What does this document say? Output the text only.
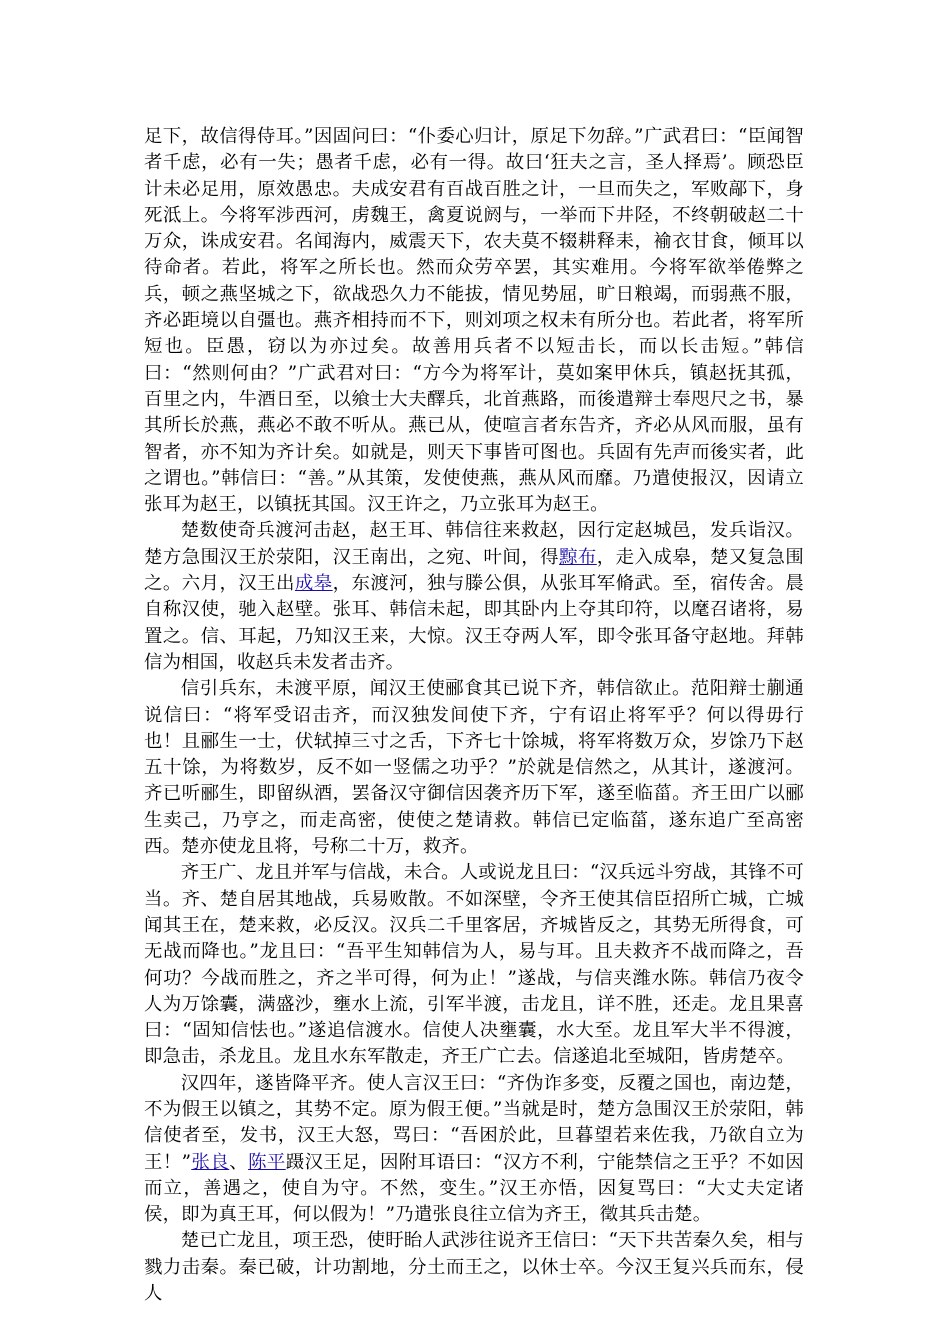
足下，故信得侍耳。”因固问曰：“仆委心归计，原足下勿辞。”广武君曰：“臣闻智者千虑，必有一失；愚者千虑，必有一得。故曰‘狂夫之言，圣人择焉’。顾恐臣计未必足用，原效愚忠。夫成安君有百战百胜之计，一旦而失之，军败鄗下，身死泜上。今将军涉西河，虏魏王，禽夏说阏与，一举而下井陉，不终朝破赵二十万众，诛成安君。名闻海内，威震天下，农夫莫不辍耕释耒，褕衣甘食，倾耳以待命者。若此，将军之所长也。然而众劳卒罢，其实难用。今将军欲举倦弊之兵，顿之燕坚城之下，欲战恐久力不能拔，情见势屈，旷日粮竭，而弱燕不服，齐必距境以自彊也。燕齐相持而不下，则刘项之权未有所分也。若此者，将军所短也。臣愚，窃以为亦过矣。故善用兵者不以短击长，而以长击短。”韩信曰：“然则何由？”广武君对曰：“方今为将军计，莫如案甲休兵，镇赵抚其孤，百里之内，牛酒日至，以飨士大夫醳兵，北首燕路，而後遣辩士奉咫尺之书，暴其所长於燕，燕必不敢不听从。燕已从，使喧言者东告齐，齐必从风而服，虽有智者，亦不知为齐计矣。如就是，则天下事皆可图也。兵固有先声而後实者，此之谓也。”韩信曰：“善。”从其策，发使使燕，燕从风而靡。乃遣使报汉，因请立张耳为赵王，以镇抚其国。汉王许之，乃立张耳为赵王。

楚数使奇兵渡河击赵，赵王耳、韩信往来救赵，因行定赵城邑，发兵诣汉。楚方急围汉王於荥阳，汉王南出，之宛、叶间，得黥布，走入成皋，楚又复急围之。六月，汉王出成皋，东渡河，独与滕公俱，从张耳军脩武。至，宿传舍。晨自称汉使，驰入赵壁。张耳、韩信未起，即其卧内上夺其印符，以麾召诸将，易置之。信、耳起，乃知汉王来，大惊。汉王夺两人军，即令张耳备守赵地。拜韩信为相国，收赵兵未发者击齐。

信引兵东，未渡平原，闻汉王使郦食其已说下齐，韩信欲止。范阳辩士蒯通说信曰：“将军受诏击齐，而汉独发间使下齐，宁有诏止将军乎？何以得毋行也！且郦生一士，伏轼掉三寸之舌，下齐七十馀城，将军将数万众，岁馀乃下赵五十馀，为将数岁，反不如一竖儒之功乎？”於就是信然之，从其计，遂渡河。齐已听郦生，即留纵酒，罢备汉守御信因袭齐历下军，遂至临菑。齐王田广以郦生卖己，乃亨之，而走高密，使使之楚请救。韩信已定临菑，遂东追广至高密西。楚亦使龙且将，号称二十万，救齐。

齐王广、龙且并军与信战，未合。人或说龙且曰：“汉兵远斗穷战，其锋不可当。齐、楚自居其地战，兵易败散。不如深壁，令齐王使其信臣招所亡城，亡城闻其王在，楚来救，必反汉。汉兵二千里客居，齐城皆反之，其势无所得食，可无战而降也。”龙且曰：“吾平生知韩信为人，易与耳。且夫救齐不战而降之，吾何功？今战而胜之，齐之半可得，何为止！”遂战，与信夹潍水陈。韩信乃夜令人为万馀囊，满盛沙，壅水上流，引军半渡，击龙且，详不胜，还走。龙且果喜曰：“固知信怯也。”遂追信渡水。信使人决壅囊，水大至。龙且军大半不得渡，即急击，杀龙且。龙且水东军散走，齐王广亡去。信遂追北至城阳，皆虏楚卒。

汉四年，遂皆降平齐。使人言汉王曰：“齐伪诈多变，反覆之国也，南边楚，不为假王以镇之，其势不定。原为假王便。”当就是时，楚方急围汉王於荥阳，韩信使者至，发书，汉王大怒，骂曰：“吾困於此，旦暮望若来佐我，乃欲自立为王！”张良、陈平蹑汉王足，因附耳语曰：“汉方不利，宁能禁信之王乎？不如因而立，善遇之，使自为守。不然，变生。”汉王亦悟，因复骂曰：“大丈夫定诸侯，即为真王耳，何以假为！”乃遣张良往立信为齐王，徵其兵击楚。

楚已亡龙且，项王恐，使盱眙人武涉往说齐王信曰：“天下共苦秦久矣，相与戮力击秦。秦已破，计功割地，分土而王之，以休士卒。今汉王复兴兵而东，侵人
